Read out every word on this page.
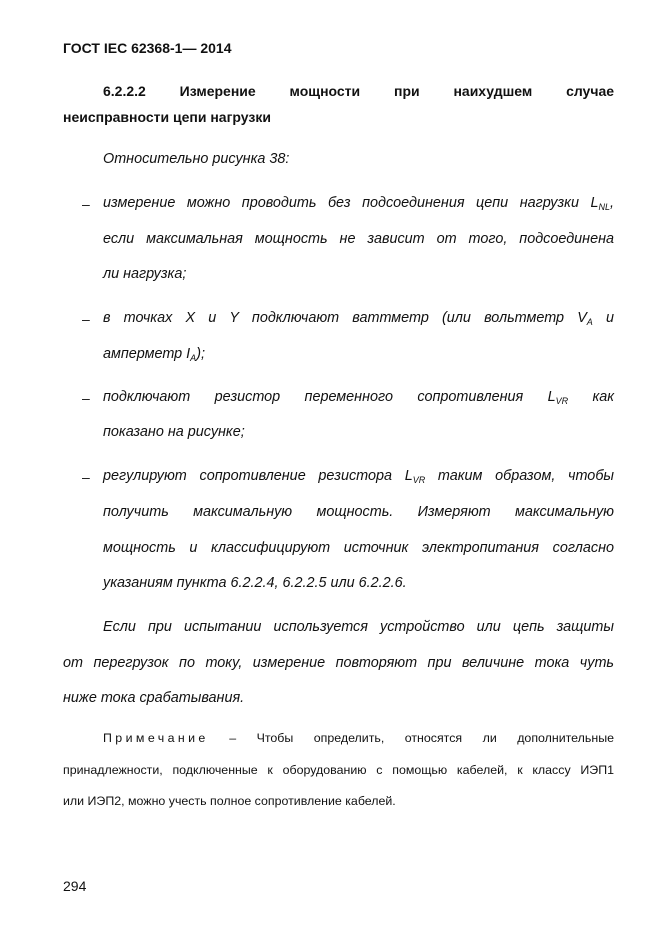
ГОСТ IEC 62368-1― 2014
6.2.2.2 Измерение мощности при наихудшем случае
неисправности цепи нагрузки
Относительно рисунка 38:
– измерение можно проводить без подсоединения цепи нагрузки $L_{NL}$,
если максимальная мощность не зависит от того, подсоединена
ли нагрузка;
– в точках X и Y подключают ваттметр (или вольтметр $V_A$ и
амперметр $I_A$);
– подключают резистор переменного сопротивления $L_{VR}$ как
показано на рисунке;
– регулируют сопротивление резистора $L_{VR}$ таким образом, чтобы
получить максимальную мощность. Измеряют максимальную
мощность и классифицируют источник электропитания согласно
указаниям пункта 6.2.2.4, 6.2.2.5 или 6.2.2.6.
Если при испытании используется устройство или цепь защиты
от перегрузок по току, измерение повторяют при величине тока чуть
ниже тока срабатывания.
Примечание – Чтобы определить, относятся ли дополнительные
принадлежности, подключенные к оборудованию с помощью кабелей, к классу ИЭП1
или ИЭП2, можно учесть полное сопротивление кабелей.
294
